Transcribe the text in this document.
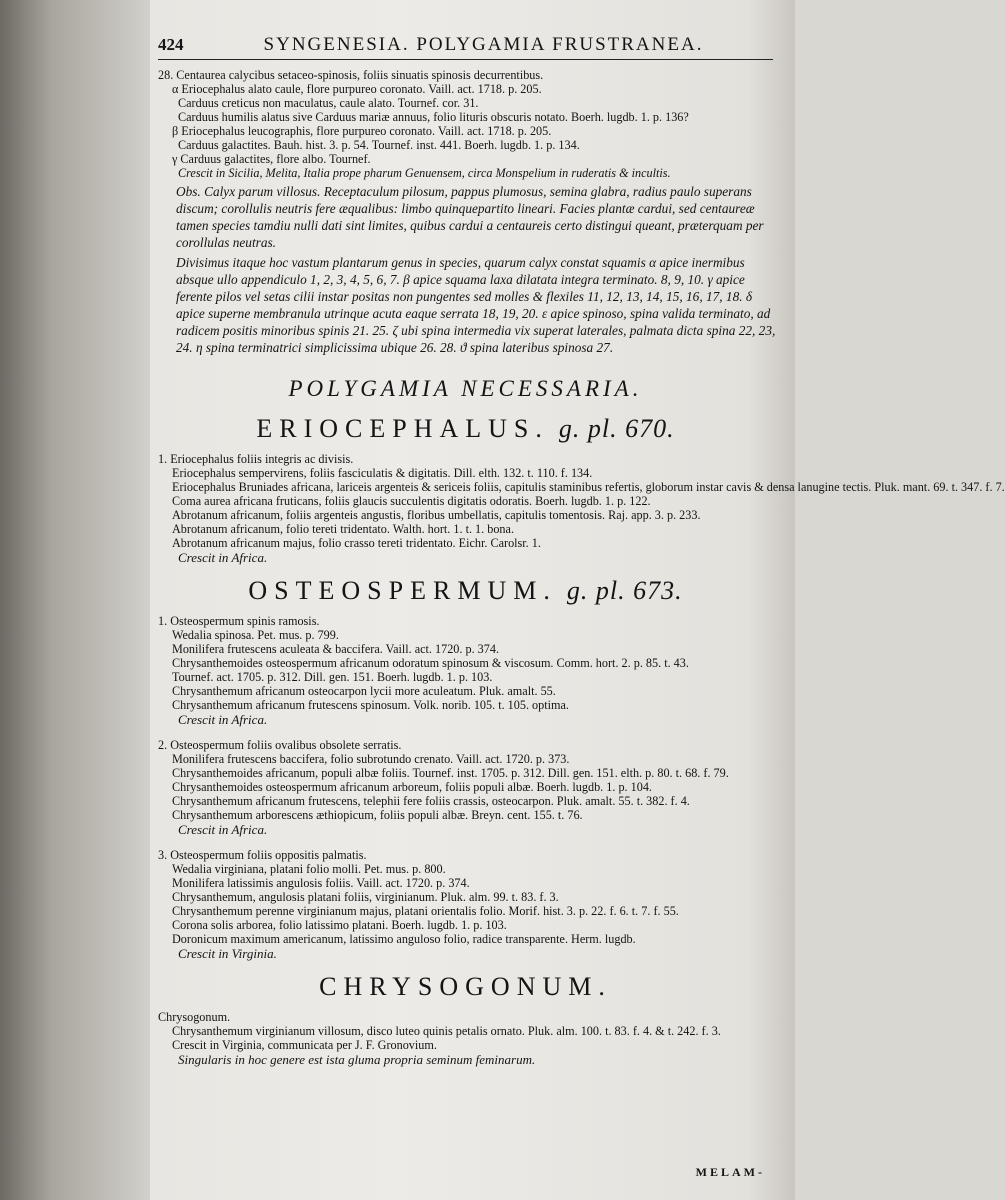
424	SYNGENESIA. POLYGAMIA FRUSTRANEA.
28. Centaurea calycibus setaceo-spinosis, foliis sinuatis spinosis decurrentibus.
α Eriocephalus alato caule, flore purpureo coronato. Vaill. act. 1718. p. 205.
Carduus creticus non maculatus, caule alato. Tournef. cor. 31.
Carduus humilis alatus sive Carduus mariæ annuus, folio lituris obscuris notato. Boerh. lugdb. 1. p. 136?
β Eriocephalus leucographis, flore purpureo coronato. Vaill. act. 1718. p. 205.
Carduus galactites. Bauh. hist. 3. p. 54. Tournef. inst. 441. Boerh. lugdb. 1. p. 134.
γ Carduus galactites, flore albo. Tournef.
Crescit in Sicilia, Melita, Italia prope pharum Genuensem, circa Monspelium in ruderatis & incultis.
Obs. Calyx parum villosus. Receptaculum pilosum, pappus plumosus, semina glabra, radius paulo superans discum; corollulis neutris fere æqualibus: limbo quinquepartito lineari. Facies plantæ cardui, sed centaureæ tamen species tamdiu nulli dati sint limites, quibus cardui a centaureis certo distingui queant, præterquam per corollulas neutras.
Divisimus itaque hoc vastum plantarum genus in species, quarum calyx constat squamis α apice inermibus absque ullo appendiculo 1, 2, 3, 4, 5, 6, 7. β apice squama laxa dilatata integra terminato. 8, 9, 10. γ apice ferente pilos vel setas cilii instar positas non pungentes sed molles & flexiles 11, 12, 13, 14, 15, 16, 17, 18. δ apice superne membranula utrinque acuta eaque serrata 18, 19, 20. ε apice spinoso, spina valida terminato, ad radicem positis minoribus spinis 21. 25. ζ ubi spina intermedia vix superat laterales, palmata dicta spina 22, 23, 24. η spina terminatrici simplicissima ubique 26. 28. ϑ spina lateribus spinosa 27.
POLYGAMIA NECESSARIA.
ERIOCEPHALUS. g. pl. 670.
1. Eriocephalus foliis integris ac divisis.
Eriocephalus sempervirens, foliis fasciculatis & digitatis. Dill. elth. 132. t. 110. f. 134.
Eriocephalus Bruniades africana, lariceis argenteis & sericeis foliis, capitulis staminibus refertis, globorum instar cavis & densa lanugine tectis. Pluk. mant. 69. t. 347. f. 7.
Coma aurea africana fruticans, foliis glaucis succulentis digitatis odoratis. Boerh. lugdb. 1. p. 122.
Abrotanum africanum, foliis argenteis angustis, floribus umbellatis, capitulis tomentosis. Raj. app. 3. p. 233.
Abrotanum africanum, folio tereti tridentato. Walth. hort. 1. t. 1. bona.
Abrotanum africanum majus, folio crasso tereti tridentato. Eichr. Carolsr. 1.
Crescit in Africa.
OSTEOSPERMUM. g. pl. 673.
1. Osteospermum spinis ramosis.
Wedalia spinosa. Pet. mus. p. 799.
Monilifera frutescens aculeata & baccifera. Vaill. act. 1720. p. 374.
Chrysanthemoides osteospermum africanum odoratum spinosum & viscosum. Comm. hort. 2. p. 85. t. 43.
Tournef. act. 1705. p. 312. Dill. gen. 151. Boerh. lugdb. 1. p. 103.
Chrysanthemum africanum osteocarpon lycii more aculeatum. Pluk. amalt. 55.
Chrysanthemum africanum frutescens spinosum. Volk. norib. 105. t. 105. optima.
Crescit in Africa.
2. Osteospermum foliis ovalibus obsolete serratis.
Monilifera frutescens baccifera, folio subrotundo crenato. Vaill. act. 1720. p. 373.
Chrysanthemoides africanum, populi albæ foliis. Tournef. inst. 1705. p. 312. Dill. gen. 151. elth. p. 80. t. 68. f. 79.
Chrysanthemoides osteospermum africanum arboreum, foliis populi albæ. Boerh. lugdb. 1. p. 104.
Chrysanthemum africanum frutescens, telephii fere foliis crassis, osteocarpon. Pluk. amalt. 55. t. 382. f. 4.
Chrysanthemum arborescens æthiopicum, foliis populi albæ. Breyn. cent. 155. t. 76.
Crescit in Africa.
3. Osteospermum foliis oppositis palmatis.
Wedalia virginiana, platani folio molli. Pet. mus. p. 800.
Monilifera latissimis angulosis foliis. Vaill. act. 1720. p. 374.
Chrysanthemum, angulosis platani foliis, virginianum. Pluk. alm. 99. t. 83. f. 3.
Chrysanthemum perenne virginianum majus, platani orientalis folio. Morif. hist. 3. p. 22. f. 6. t. 7. f. 55.
Corona solis arborea, folio latissimo platani. Boerh. lugdb. 1. p. 103.
Doronicum maximum americanum, latissimo anguloso folio, radice transparente. Herm. lugdb.
Crescit in Virginia.
CHRYSOGONUM.
Chrysogonum.
Chrysanthemum virginianum villosum, disco luteo quinis petalis ornato. Pluk. alm. 100. t. 83. f. 4. & t. 242. f. 3.
Crescit in Virginia, communicata per J. F. Gronovium.
Singularis in hoc genere est ista gluma propria seminum feminarum.
MELAM-
